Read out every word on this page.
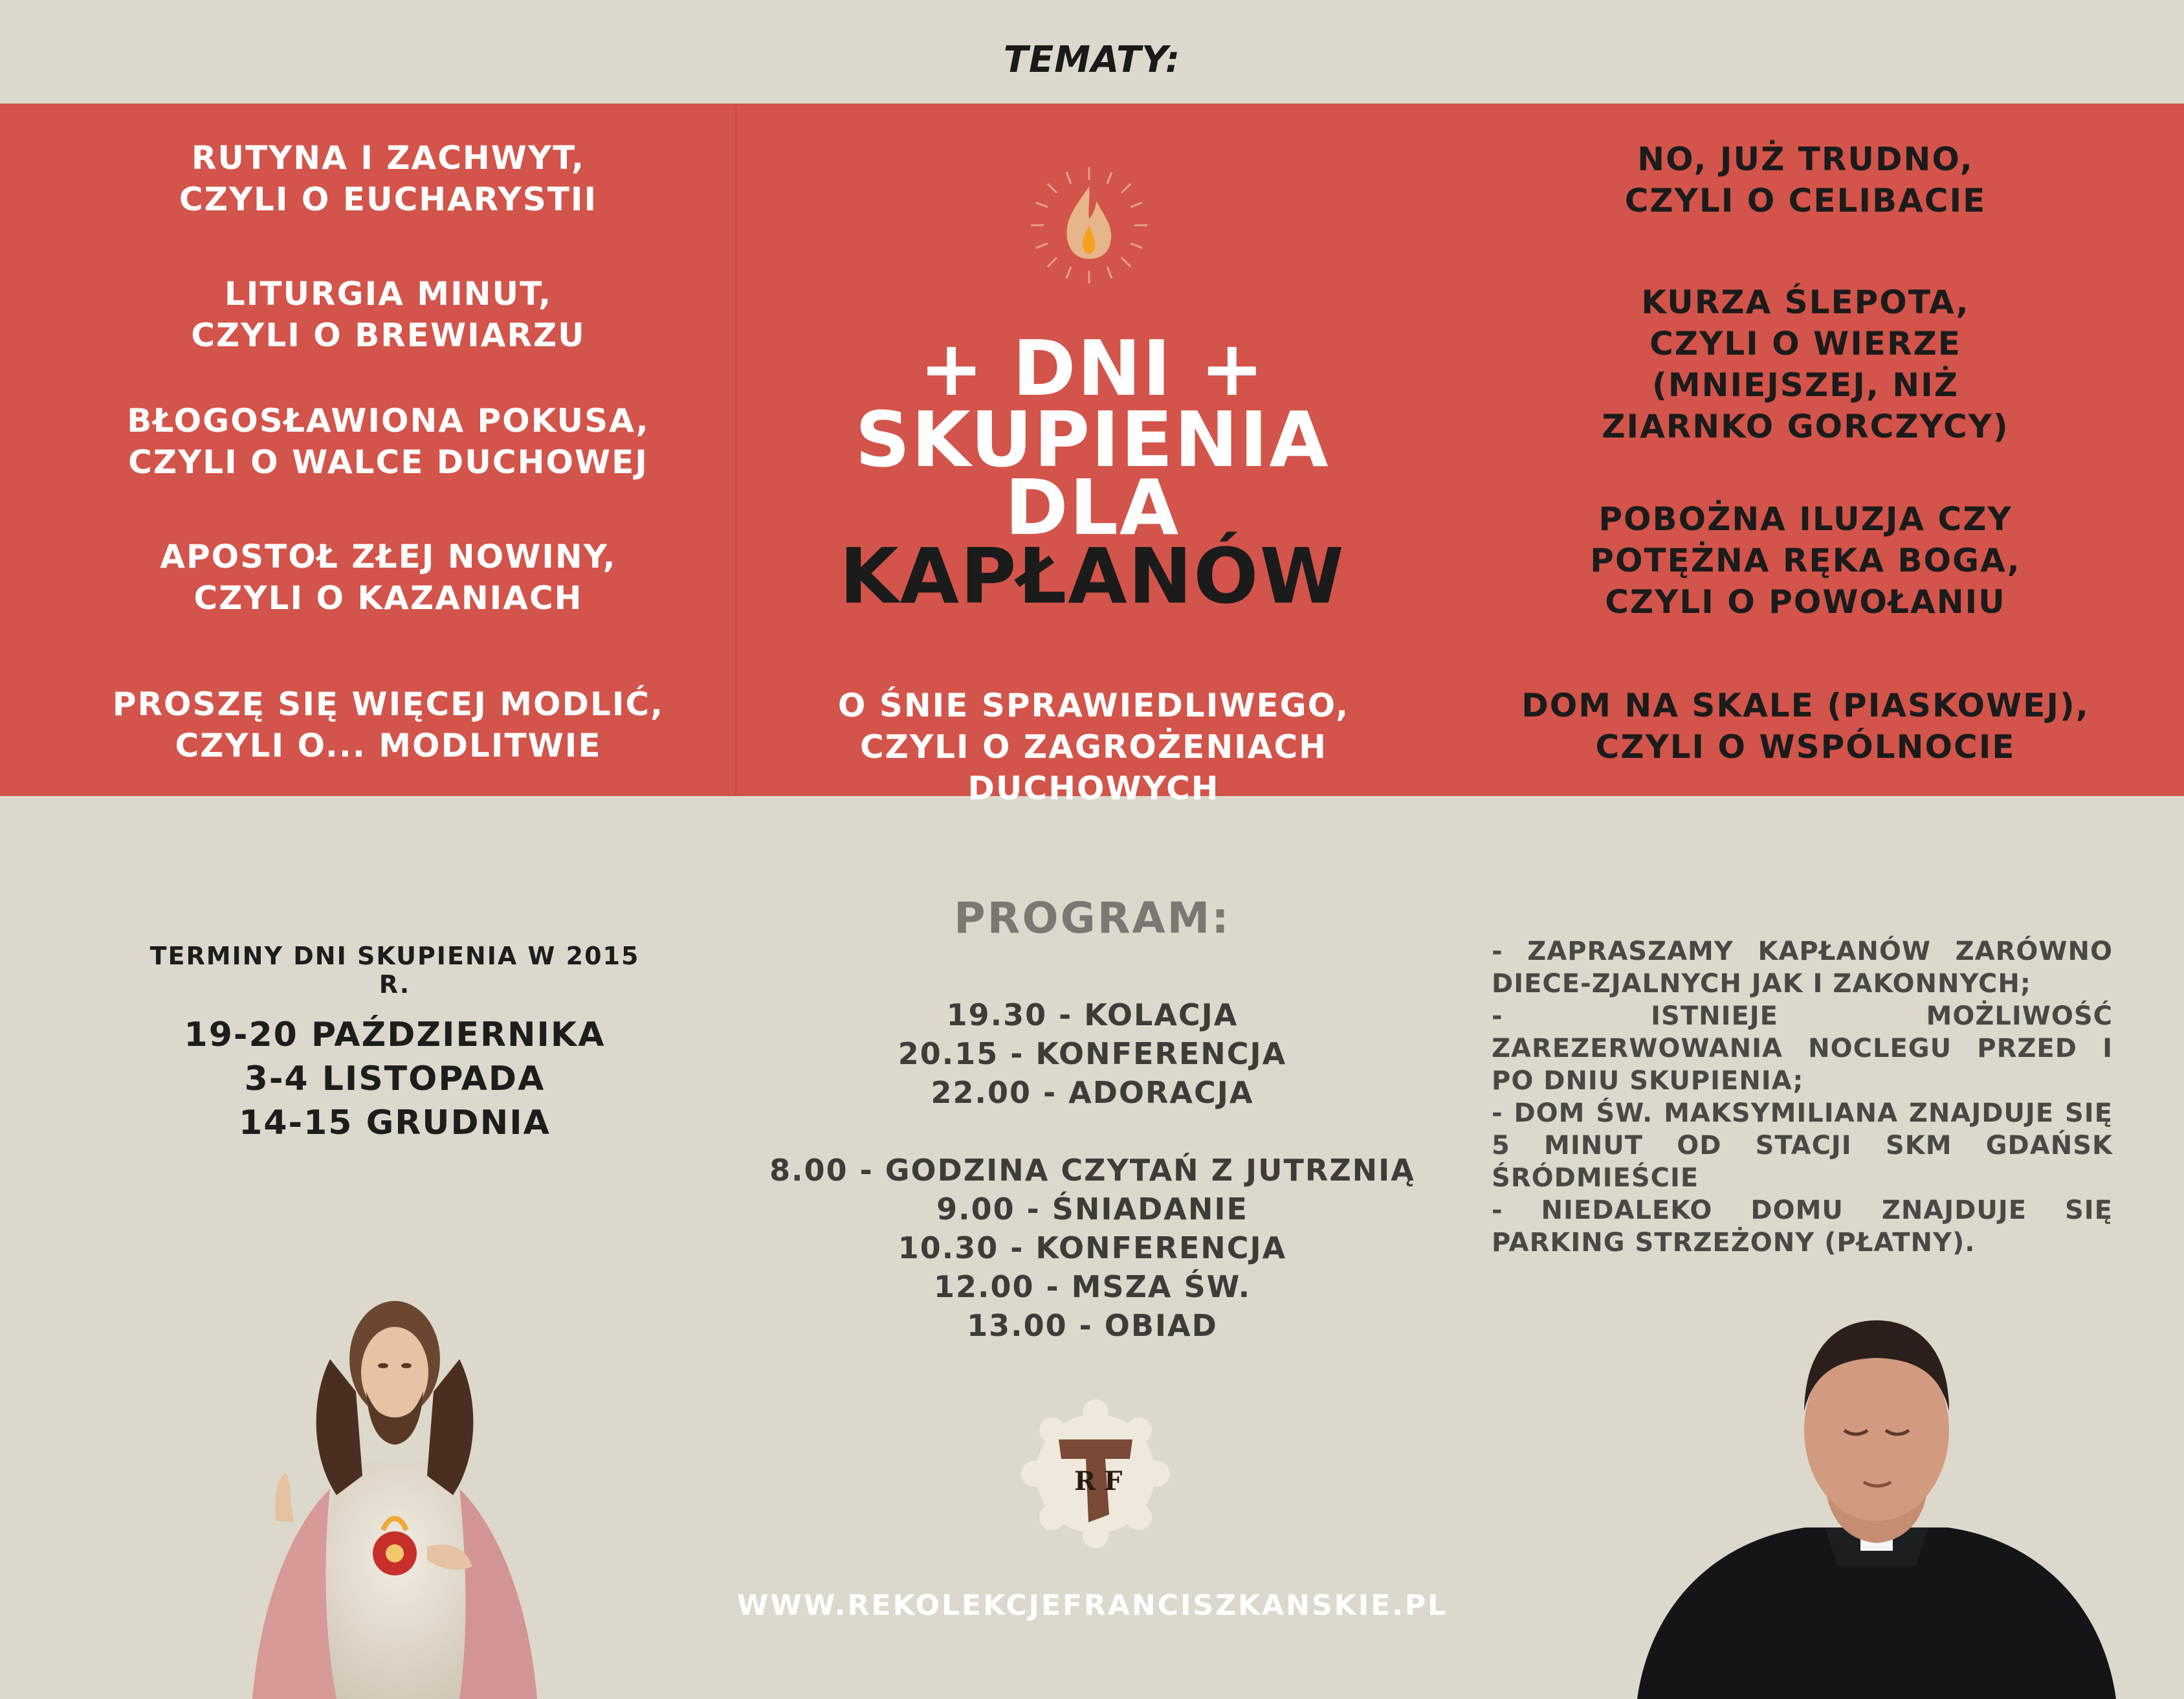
TEMATY:
RUTYNA I ZACHWYT,
CZYLI O EUCHARYSTII
LITURGIA MINUT,
CZYLI O BREWIARZU
BŁOGOSŁAWIONA POKUSA,
CZYLI O WALCE DUCHOWEJ
APOSTOŁ ZŁEJ NOWINY,
CZYLI O KAZANIACH
PROSZĘ SIĘ WIĘCEJ MODLIĆ,
CZYLI O... MODLITWIE
+ DNI +
SKUPIENIA
DLA
KAPŁANÓW
O ŚNIE SPRAWIEDLIWEGO,
CZYLI O ZAGROŻENIACH DUCHOWYCH
NO, JUŻ TRUDNO,
CZYLI O CELIBACIE
KURZA ŚLEPOTA,
CZYLI O WIERZE
(MNIEJSZEJ, NIŻ
ZIARNKO GORCZYCY)
POBOŻNA ILUZJA CZY
POTĘŻNA RĘKA BOGA,
CZYLI O POWOŁANIU
DOM NA SKALE (PIASKOWEJ),
CZYLI O WSPÓLNOCIE
TERMINY DNI SKUPIENIA W 2015 R.
19-20 PAŹDZIERNIKA
3-4 LISTOPADA
14-15 GRUDNIA
PROGRAM:
19.30 - KOLACJA
20.15 - KONFERENCJA
22.00 - ADORACJA
8.00 - GODZINA CZYTAŃ Z JUTRZNIĄ
9.00 - ŚNIADANIE
10.30 - KONFERENCJA
12.00 - MSZA ŚW.
13.00 - OBIAD
R F
WWW.REKOLEKCJEFRANCISZKANSKIE.PL
- ZAPRASZAMY KAPŁANÓW ZARÓWNO DIECE-ZJALNYCH JAK I ZAKONNYCH;
- ISTNIEJE MOŻLIWOŚĆ ZAREZERWOWANIA NOCLEGU PRZED I PO DNIU SKUPIENIA;
- DOM ŚW. MAKSYMILIANA ZNAJDUJE SIĘ 5 MINUT OD STACJI SKM GDAŃSK ŚRÓDMIEŚCIE
- NIEDALEKO DOMU ZNAJDUJE SIĘ PARKING STRZEŻONY (PŁATNY).
